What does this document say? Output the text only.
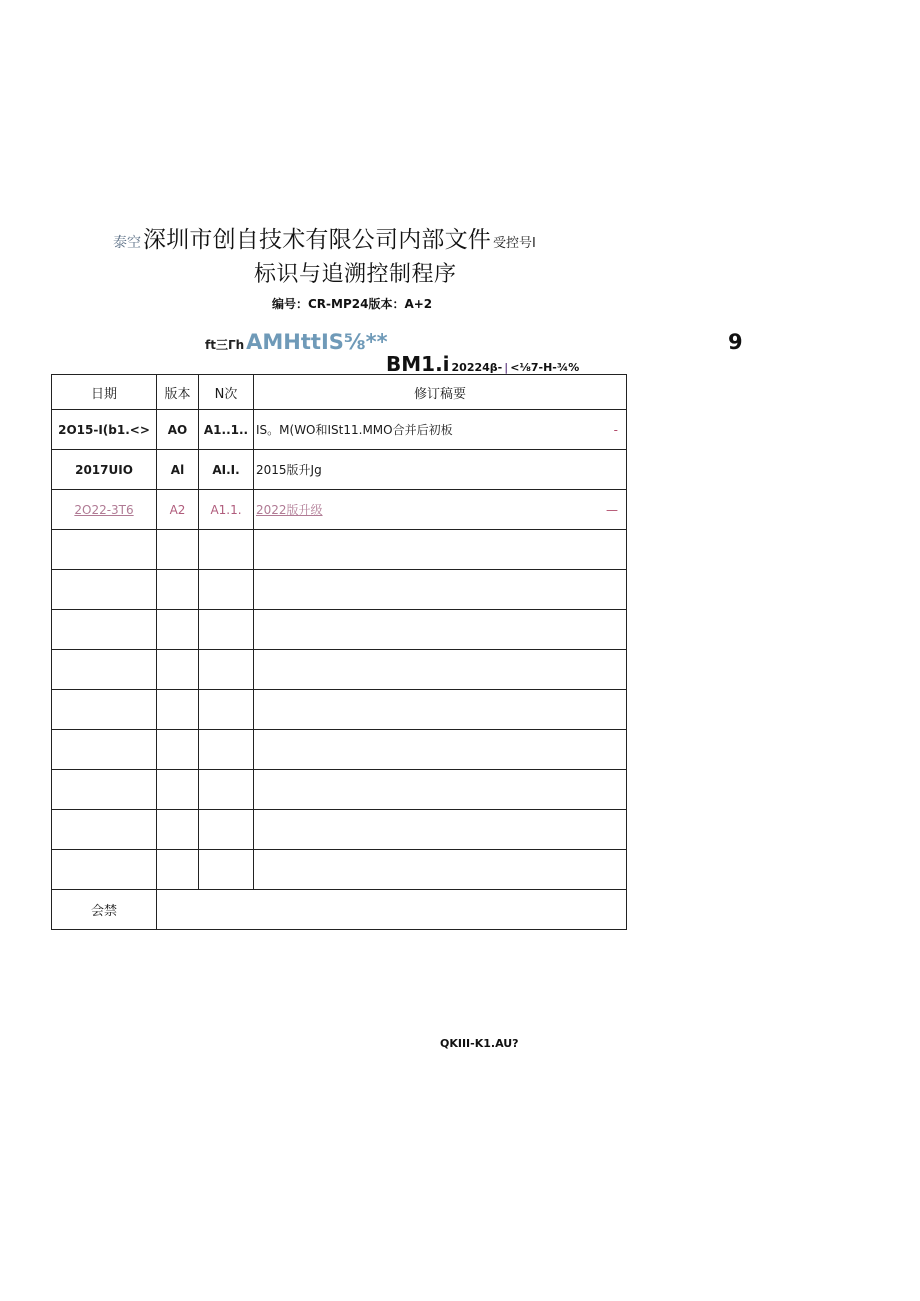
泰空 深圳市创自技术有限公司内部文件 受控号I
标识与追溯控制程序
编号：CR-MP24版本：A+2
ft三Γh AMHttIS⅝**	9
BM1.i 20224β- | <⅛7-H-¾%
日期	版本	N次	修订稿要
2O15-I(b1.<>	AO	A1..1..	IS。M(WO和ISt11.MMO合并后初板 -

2017UIO	Al	AI.I.	2015版升Jg
2O22-3T6	A2	A1.1.	2022版升级 —

会禁			
QKIII-K1.AU?
